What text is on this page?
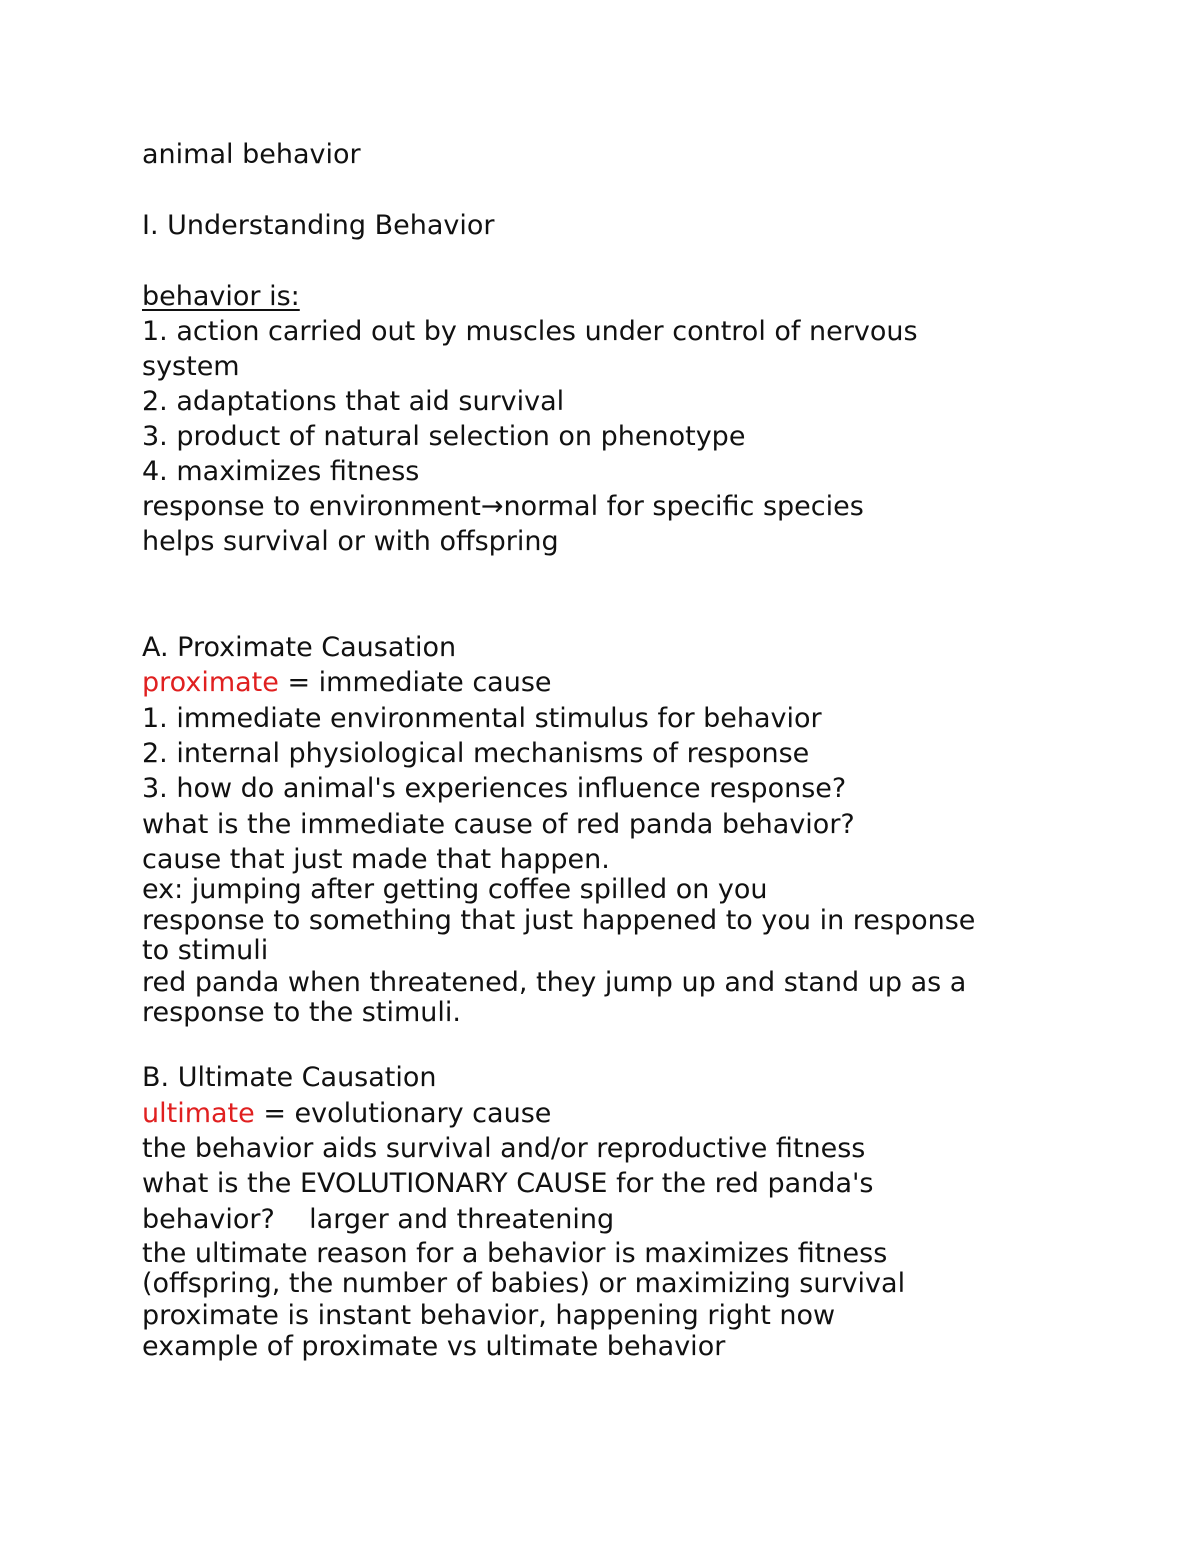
animal behavior
I. Understanding Behavior
behavior is:
1. action carried out by muscles under control of nervous
system
2. adaptations that aid survival
3. product of natural selection on phenotype
4. maximizes fitness
response to environment→normal for specific species
helps survival or with offspring
A. Proximate Causation
proximate = immediate cause
1. immediate environmental stimulus for behavior
2. internal physiological mechanisms of response
3. how do animal's experiences influence response?
what is the immediate cause of red panda behavior?
cause that just made that happen.
ex: jumping after getting coffee spilled on you
response to something that just happened to you in response
to stimuli
red panda when threatened, they jump up and stand up as a
response to the stimuli.
B. Ultimate Causation
ultimate = evolutionary cause
the behavior aids survival and/or reproductive fitness
what is the EVOLUTIONARY CAUSE for the red panda's
behavior?    larger and threatening
the ultimate reason for a behavior is maximizes fitness
(offspring, the number of babies) or maximizing survival
proximate is instant behavior, happening right now
example of proximate vs ultimate behavior
